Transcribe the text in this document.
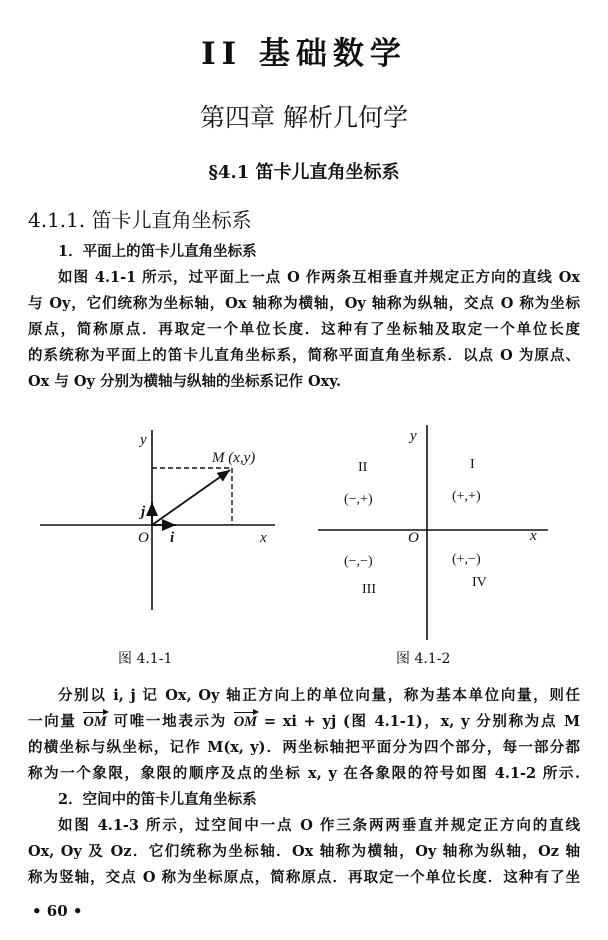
II 基础数学
第四章 解析几何学
§4.1 笛卡儿直角坐标系
4.1.1. 笛卡儿直角坐标系
1．平面上的笛卡儿直角坐标系
如图 4.1-1 所示，过平面上一点 O 作两条互相垂直并规定正方向的直线 Ox
与 Oy，它们统称为坐标轴，Ox 轴称为横轴，Oy 轴称为纵轴，交点 O 称为坐标
原点，简称原点．再取定一个单位长度．这种有了坐标轴及取定一个单位长度
的系统称为平面上的笛卡儿直角坐标系，简称平面直角坐标系．以点 O 为原点、
Ox 与 Oy 分别为横轴与纵轴的坐标系记作 Oxy.
y
x
O i
j
M (x,y)
y
x
O
I
(+,+)
II
(−,+)
III
(−,−)
IV
(+,−)
图 4.1-1	图 4.1-2
分别以 i, j 记 Ox, Oy 轴正方向上的单位向量，称为基本单位向量，则任
一向量 OM 可唯一地表示为 OM = xi + yj (图 4.1-1)，x, y 分别称为点 M
的横坐标与纵坐标，记作 M(x, y)．两坐标轴把平面分为四个部分，每一部分都
称为一个象限，象限的顺序及点的坐标 x, y 在各象限的符号如图 4.1-2 所示.
2．空间中的笛卡儿直角坐标系
如图 4.1-3 所示，过空间中一点 O 作三条两两垂直并规定正方向的直线
Ox, Oy 及 Oz．它们统称为坐标轴．Ox 轴称为横轴，Oy 轴称为纵轴，Oz 轴
称为竖轴，交点 O 称为坐标原点，简称原点．再取定一个单位长度．这种有了坐
• 60 •
